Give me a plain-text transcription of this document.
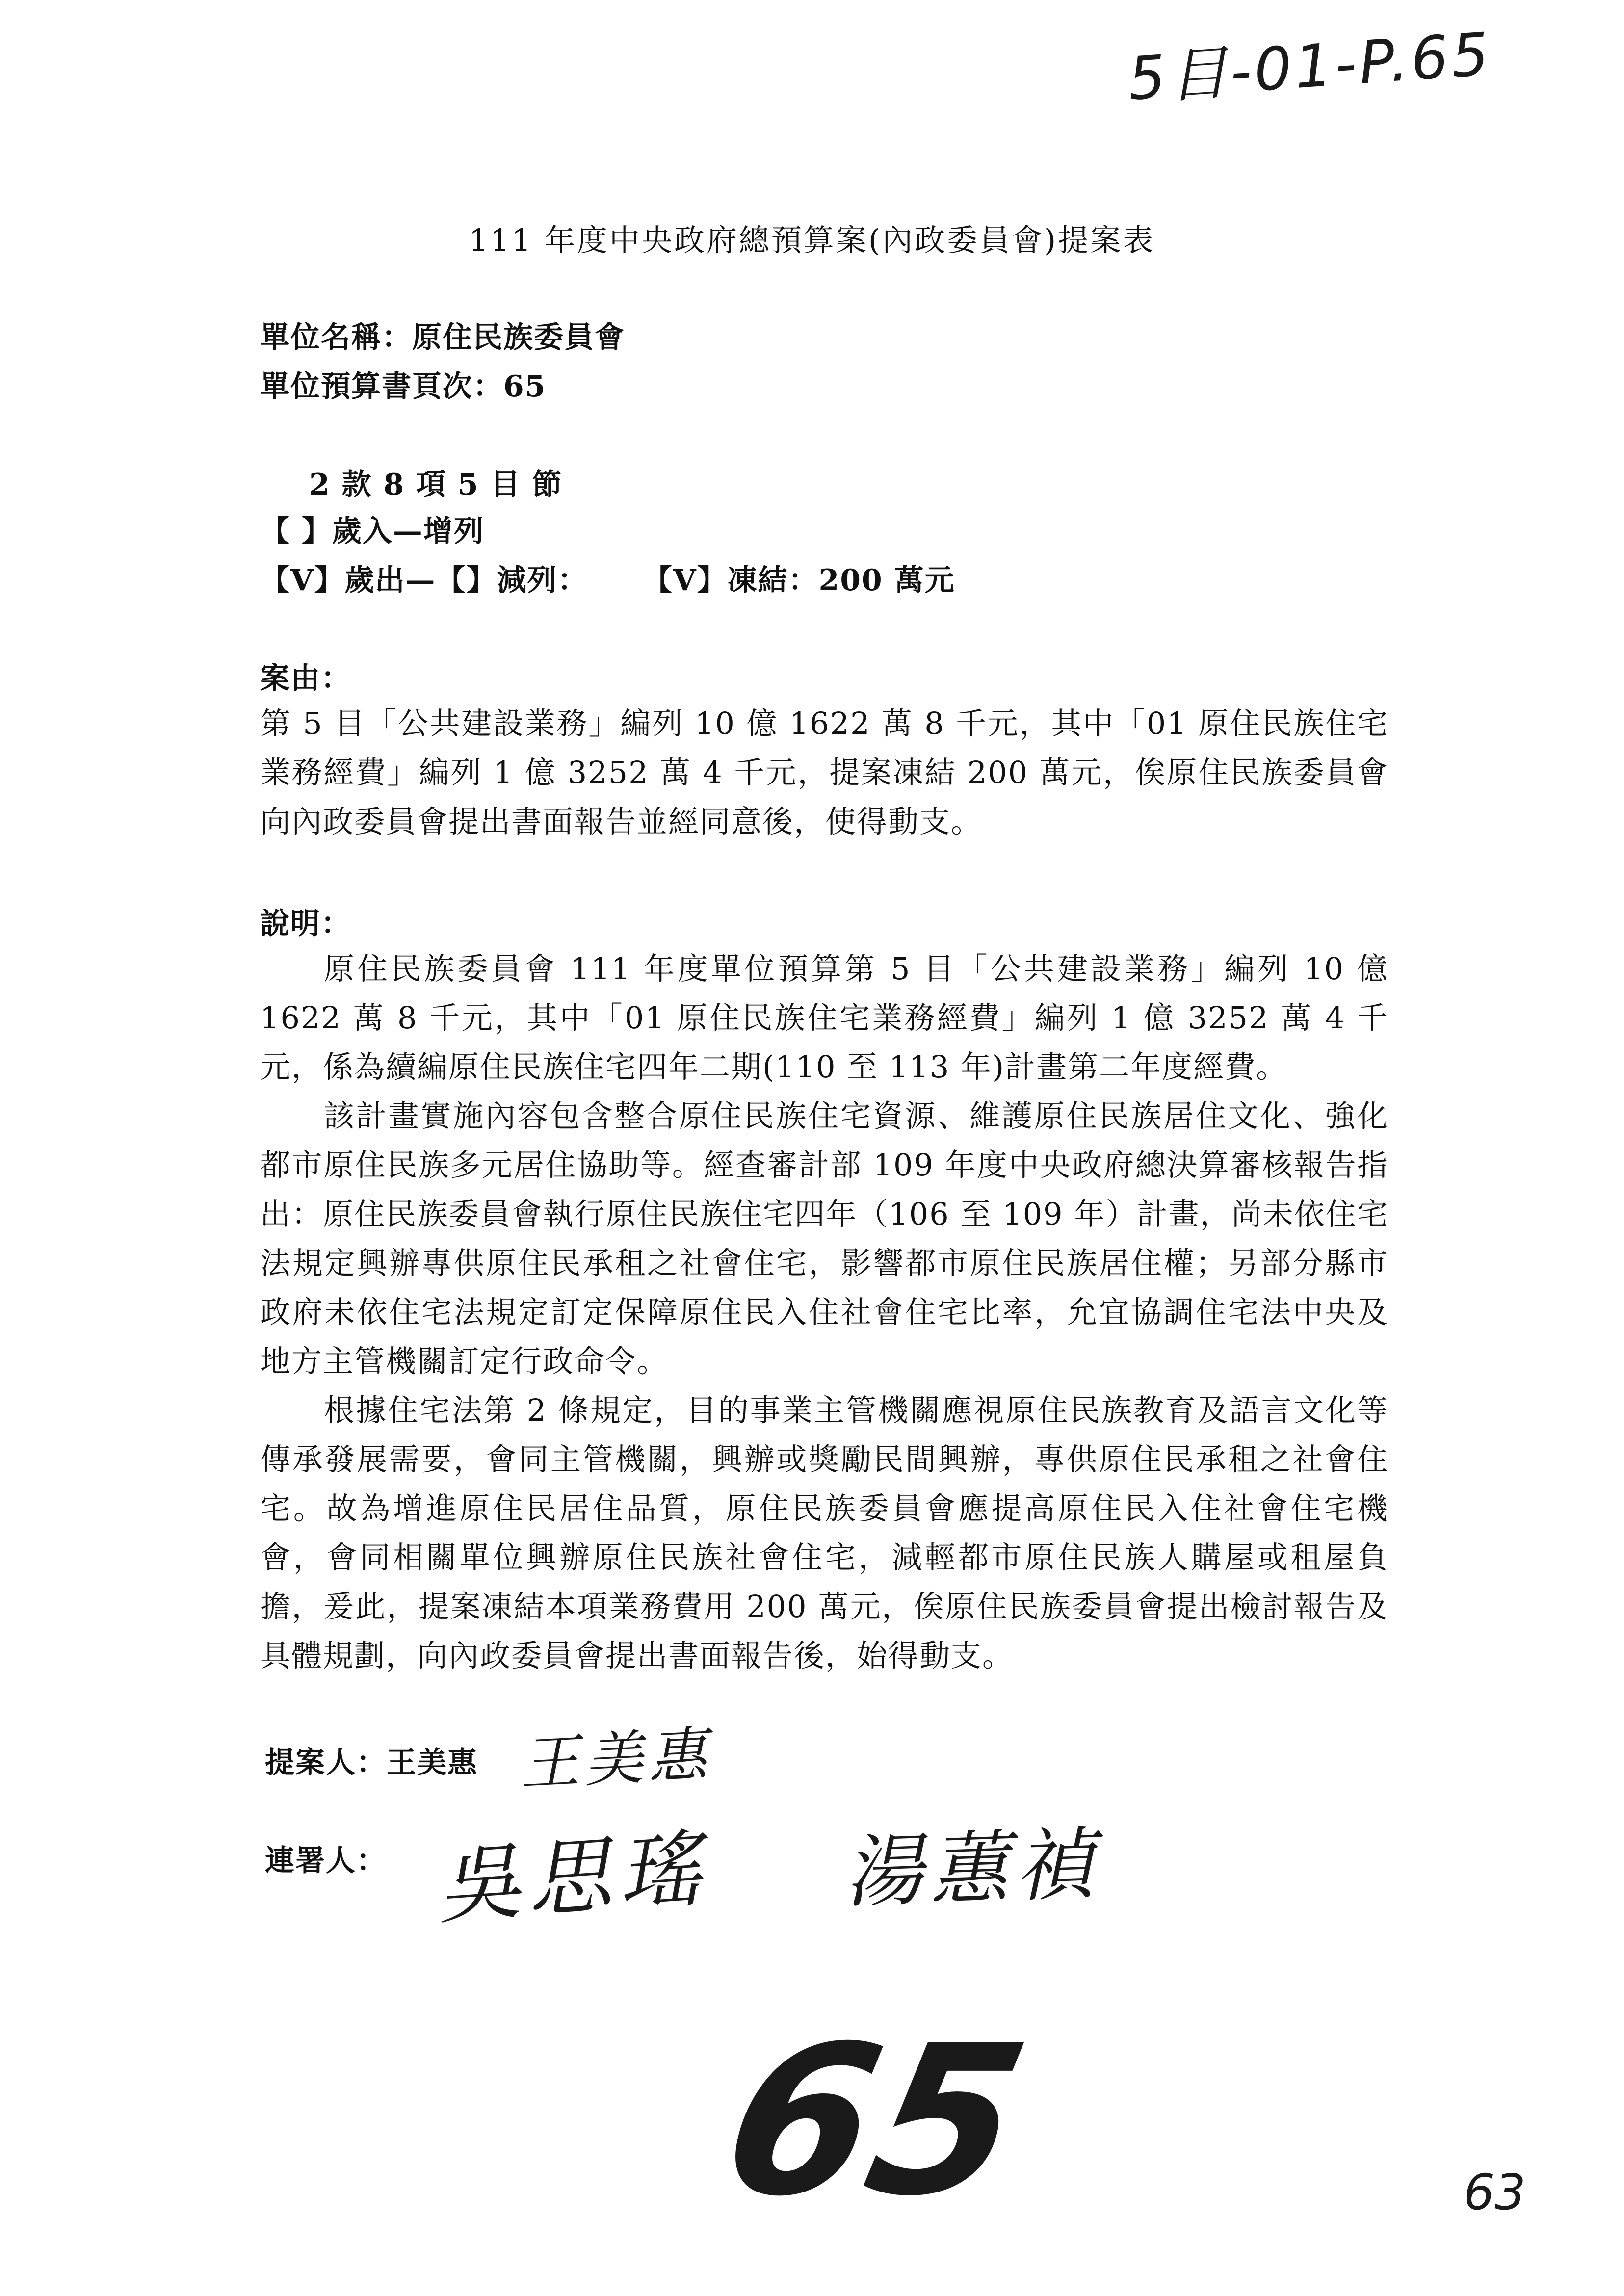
5目-01-P.65
111 年度中央政府總預算案(內政委員會)提案表
單位名稱：原住民族委員會
單位預算書頁次：65
2 款 8 項 5 目 節
【 】歲入—增列
【V】歲出—【】減列： 【V】凍結：200 萬元
案由：
第 5 目「公共建設業務」編列 10 億 1622 萬 8 千元，其中「01 原住民族住宅業務經費」編列 1 億 3252 萬 4 千元，提案凍結 200 萬元，俟原住民族委員會向內政委員會提出書面報告並經同意後，使得動支。
說明：
原住民族委員會 111 年度單位預算第 5 目「公共建設業務」編列 10 億 1622 萬 8 千元，其中「01 原住民族住宅業務經費」編列 1 億 3252 萬 4 千元，係為續編原住民族住宅四年二期(110 至 113 年)計畫第二年度經費。
該計畫實施內容包含整合原住民族住宅資源、維護原住民族居住文化、強化都市原住民族多元居住協助等。經查審計部 109 年度中央政府總決算審核報告指出：原住民族委員會執行原住民族住宅四年（106 至 109 年）計畫，尚未依住宅法規定興辦專供原住民承租之社會住宅，影響都市原住民族居住權；另部分縣市政府未依住宅法規定訂定保障原住民入住社會住宅比率，允宜協調住宅法中央及地方主管機關訂定行政命令。
根據住宅法第 2 條規定，目的事業主管機關應視原住民族教育及語言文化等傳承發展需要，會同主管機關，興辦或獎勵民間興辦，專供原住民承租之社會住宅。故為增進原住民居住品質，原住民族委員會應提高原住民入住社會住宅機會，會同相關單位興辦原住民族社會住宅，減輕都市原住民族人購屋或租屋負擔，爰此，提案凍結本項業務費用 200 萬元，俟原住民族委員會提出檢討報告及具體規劃，向內政委員會提出書面報告後，始得動支。
提案人：王美惠 王美惠
連署人： 吳思瑤 湯蕙禎
65	63
